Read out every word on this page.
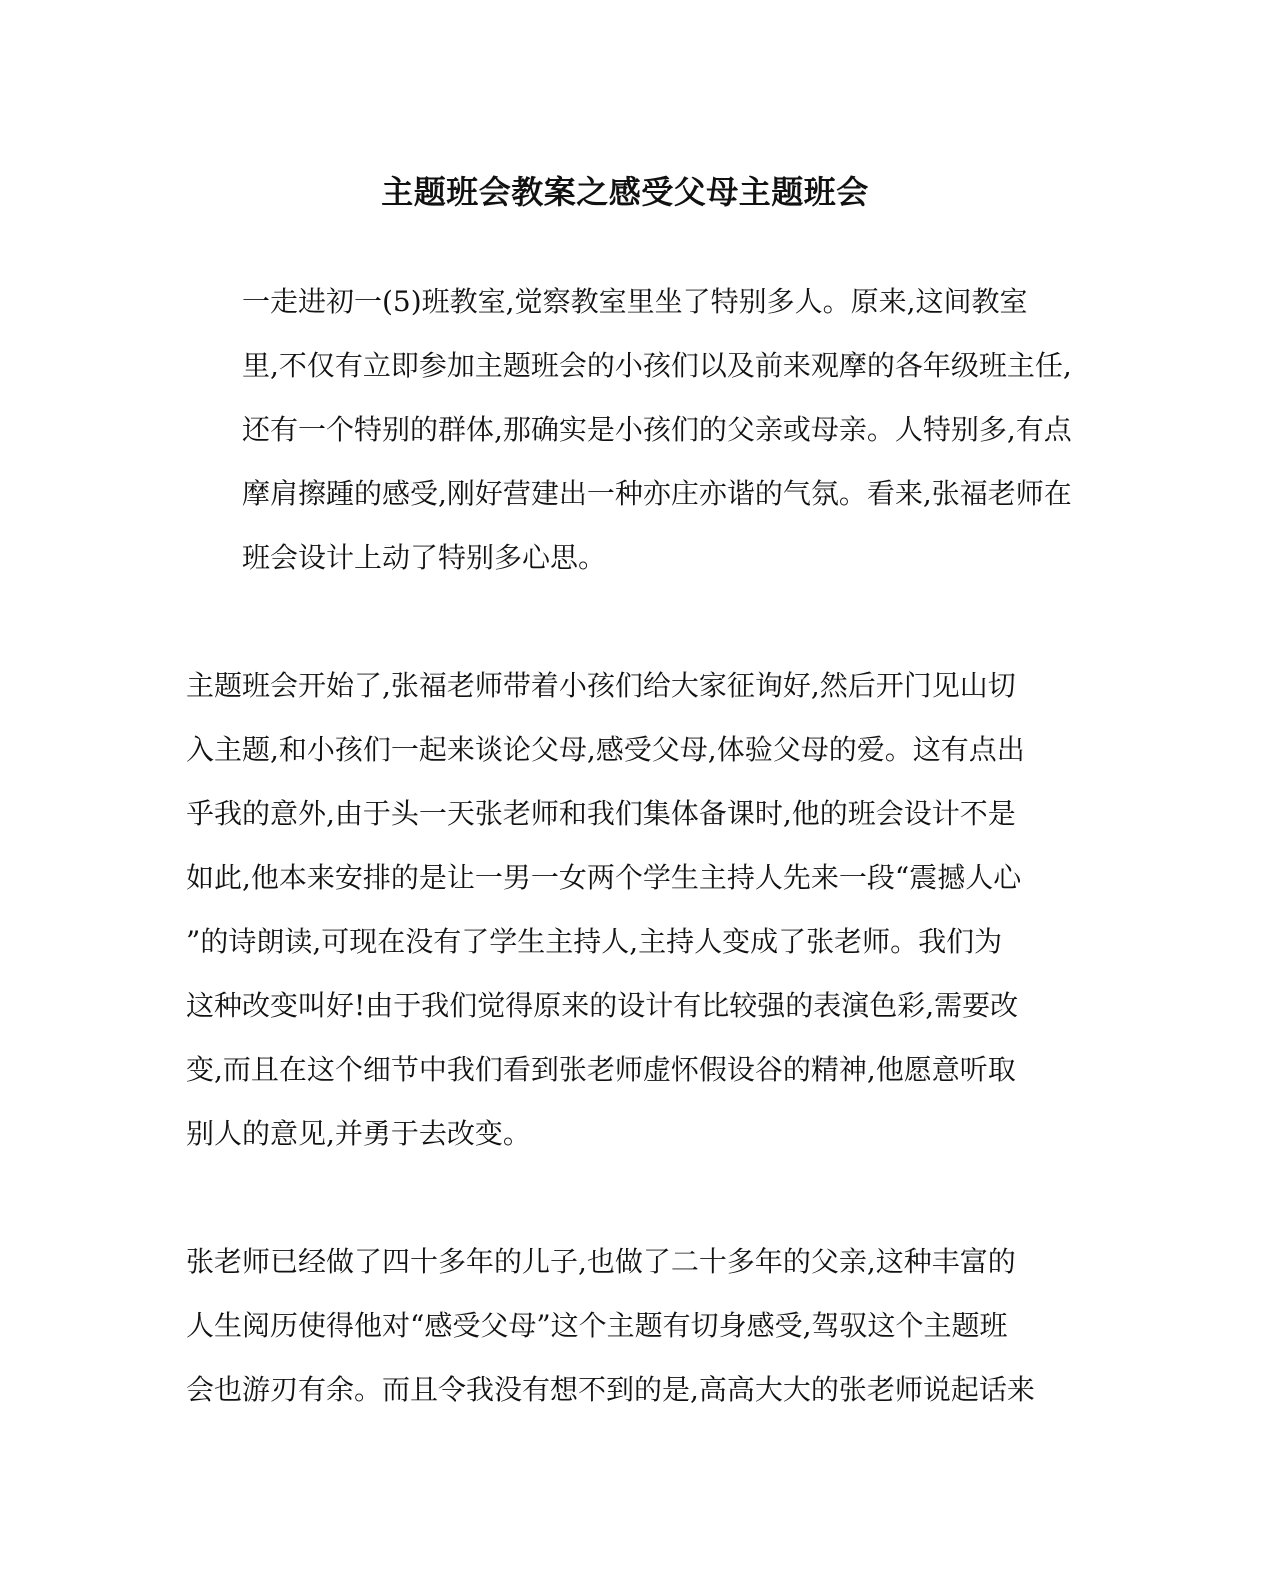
主题班会教案之感受父母主题班会

一走进初一(5)班教室,觉察教室里坐了特别多人。原来,这间教室
里,不仅有立即参加主题班会的小孩们以及前来观摩的各年级班主任,
还有一个特别的群体,那确实是小孩们的父亲或母亲。人特别多,有点
摩肩擦踵的感受,刚好营建出一种亦庄亦谐的气氛。看来,张福老师在
班会设计上动了特别多心思。

主题班会开始了,张福老师带着小孩们给大家征询好,然后开门见山切
入主题,和小孩们一起来谈论父母,感受父母,体验父母的爱。这有点出
乎我的意外,由于头一天张老师和我们集体备课时,他的班会设计不是
如此,他本来安排的是让一男一女两个学生主持人先来一段“震撼人心
”的诗朗读,可现在没有了学生主持人,主持人变成了张老师。我们为
这种改变叫好!由于我们觉得原来的设计有比较强的表演色彩,需要改
变,而且在这个细节中我们看到张老师虚怀假设谷的精神,他愿意听取
别人的意见,并勇于去改变。

张老师已经做了四十多年的儿子,也做了二十多年的父亲,这种丰富的
人生阅历使得他对“感受父母”这个主题有切身感受,驾驭这个主题班
会也游刃有余。而且令我没有想不到的是,高高大大的张老师说起话来
